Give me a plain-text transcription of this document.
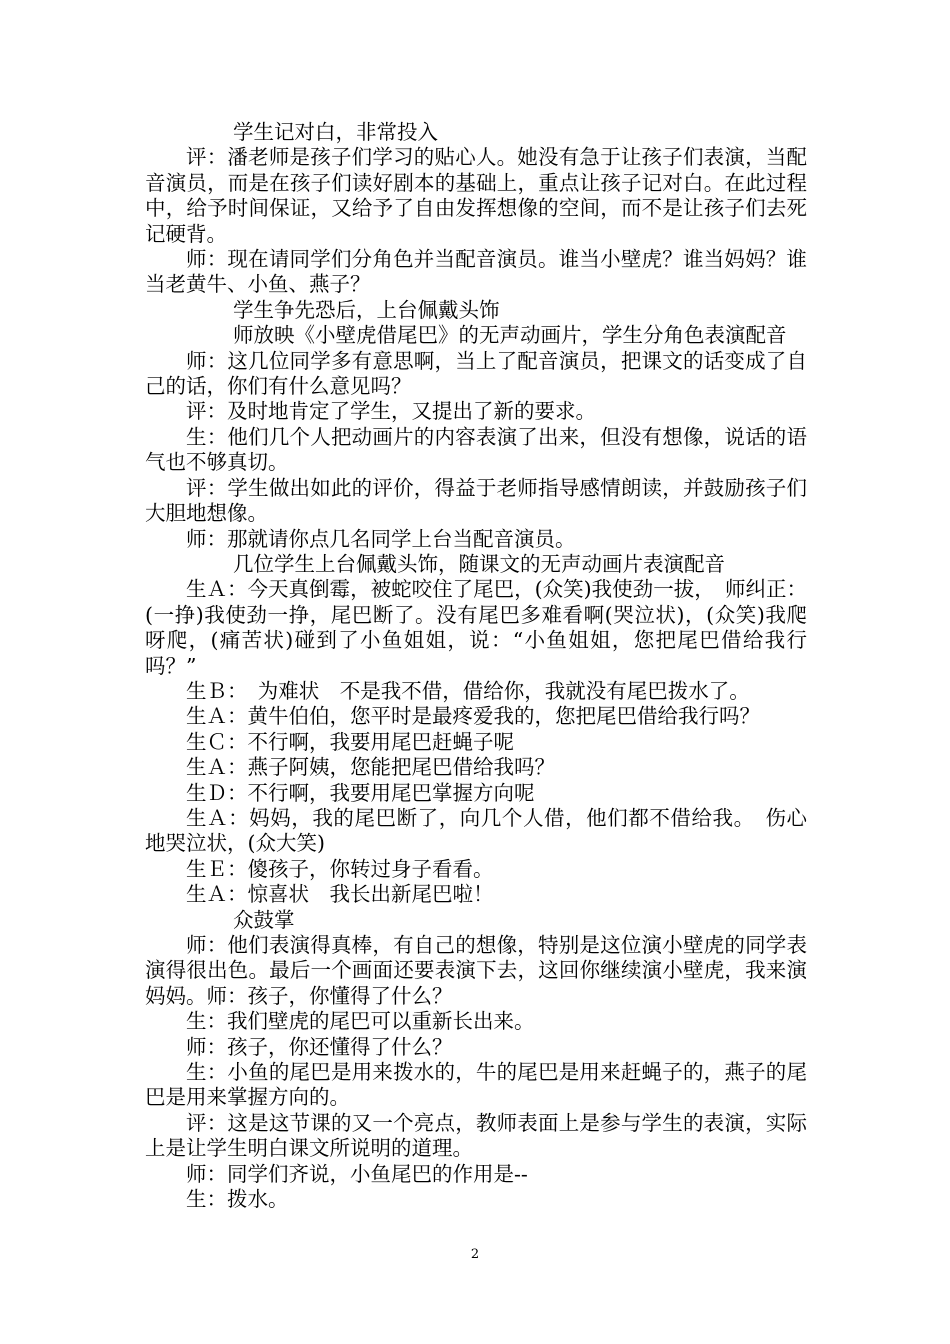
学生记对白，非常投入

评：潘老师是孩子们学习的贴心人。她没有急于让孩子们表演，当配音演员，而是在孩子们读好剧本的基础上，重点让孩子记对白。在此过程中，给予时间保证，又给予了自由发挥想像的空间，而不是让孩子们去死记硬背。

师：现在请同学们分角色并当配音演员。谁当小壁虎？谁当妈妈？谁当老黄牛、小鱼、燕子？

学生争先恐后，上台佩戴头饰

师放映《小壁虎借尾巴》的无声动画片，学生分角色表演配音

师：这几位同学多有意思啊，当上了配音演员，把课文的话变成了自己的话，你们有什么意见吗？

评：及时地肯定了学生，又提出了新的要求。

生：他们几个人把动画片的内容表演了出来，但没有想像，说话的语气也不够真切。

评：学生做出如此的评价，得益于老师指导感情朗读，并鼓励孩子们大胆地想像。

师：那就请你点几名同学上台当配音演员。

几位学生上台佩戴头饰，随课文的无声动画片表演配音

生Ａ：今天真倒霉，被蛇咬住了尾巴，(众笑)我使劲一拔，　师纠正：(一挣)我使劲一挣，尾巴断了。没有尾巴多难看啊(哭泣状)，(众笑)我爬呀爬，(痛苦状)碰到了小鱼姐姐，说：“小鱼姐姐，您把尾巴借给我行吗？”

生Ｂ：　为难状　不是我不借，借给你，我就没有尾巴拨水了。

生Ａ：黄牛伯伯，您平时是最疼爱我的，您把尾巴借给我行吗？

生Ｃ：不行啊，我要用尾巴赶蝇子呢

生Ａ：燕子阿姨，您能把尾巴借给我吗？

生Ｄ：不行啊，我要用尾巴掌握方向呢

生Ａ：妈妈，我的尾巴断了，向几个人借，他们都不借给我。　伤心地哭泣状，(众大笑)

生Ｅ：傻孩子，你转过身子看看。

生Ａ：惊喜状　我长出新尾巴啦！

众鼓掌

师：他们表演得真棒，有自己的想像，特别是这位演小壁虎的同学表演得很出色。最后一个画面还要表演下去，这回你继续演小壁虎，我来演妈妈。师：孩子，你懂得了什么？

生：我们壁虎的尾巴可以重新长出来。

师：孩子，你还懂得了什么？

生：小鱼的尾巴是用来拨水的，牛的尾巴是用来赶蝇子的，燕子的尾巴是用来掌握方向的。

评：这是这节课的又一个亮点，教师表面上是参与学生的表演，实际上是让学生明白课文所说明的道理。

师：同学们齐说，小鱼尾巴的作用是--

生：拨水。

2
